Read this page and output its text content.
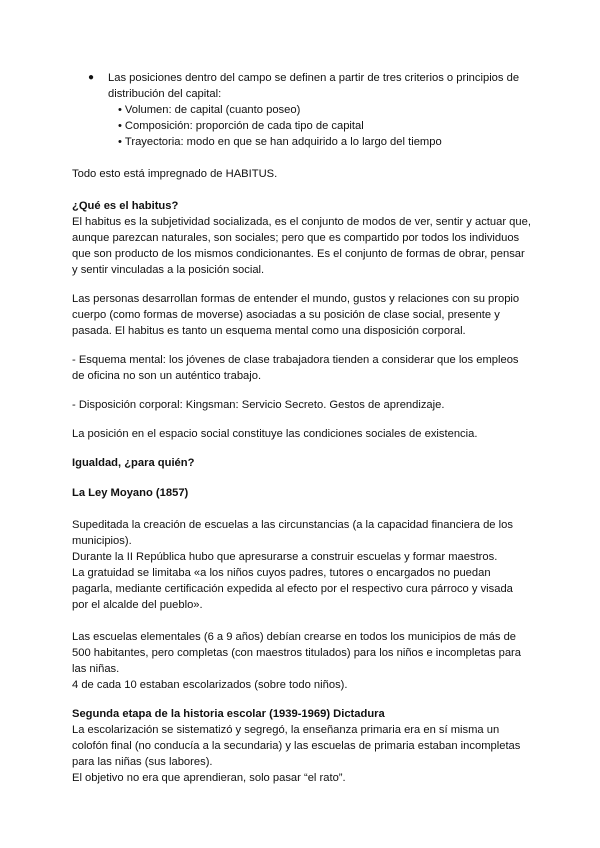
● Las posiciones dentro del campo se definen a partir de tres criterios o principios de distribución del capital:

• Volumen: de capital (cuanto poseo)
• Composición: proporción de cada tipo de capital
• Trayectoria: modo en que se han adquirido a lo largo del tiempo

Todo esto está impregnado de HABITUS.

¿Qué es el habitus?

El habitus es la subjetividad socializada, es el conjunto de modos de ver, sentir y actuar que, aunque parezcan naturales, son sociales; pero que es compartido por todos los individuos que son producto de los mismos condicionantes. Es el conjunto de formas de obrar, pensar y sentir vinculadas a la posición social.

Las personas desarrollan formas de entender el mundo, gustos y relaciones con su propio cuerpo (como formas de moverse) asociadas a su posición de clase social, presente y pasada. El habitus es tanto un esquema mental como una disposición corporal.

- Esquema mental: los jóvenes de clase trabajadora tienden a considerar que los empleos de oficina no son un auténtico trabajo.

- Disposición corporal: Kingsman: Servicio Secreto. Gestos de aprendizaje.

La posición en el espacio social constituye las condiciones sociales de existencia.

Igualdad, ¿para quién?

La Ley Moyano (1857)

Supeditada la creación de escuelas a las circunstancias (a la capacidad financiera de los municipios).

Durante la II República hubo que apresurarse a construir escuelas y formar maestros.

La gratuidad se limitaba «a los niños cuyos padres, tutores o encargados no puedan pagarla, mediante certificación expedida al efecto por el respectivo cura párroco y visada por el alcalde del pueblo».

Las escuelas elementales (6 a 9 años) debían crearse en todos los municipios de más de 500 habitantes, pero completas (con maestros titulados) para los niños e incompletas para las niñas.

4 de cada 10 estaban escolarizados (sobre todo niños).

Segunda etapa de la historia escolar (1939-1969) Dictadura

La escolarización se sistematizó y segregó, la enseñanza primaria era en sí misma un colofón final (no conducía a la secundaria) y las escuelas de primaria estaban incompletas para las niñas (sus labores).

El objetivo no era que aprendieran, solo pasar “el rato”.
